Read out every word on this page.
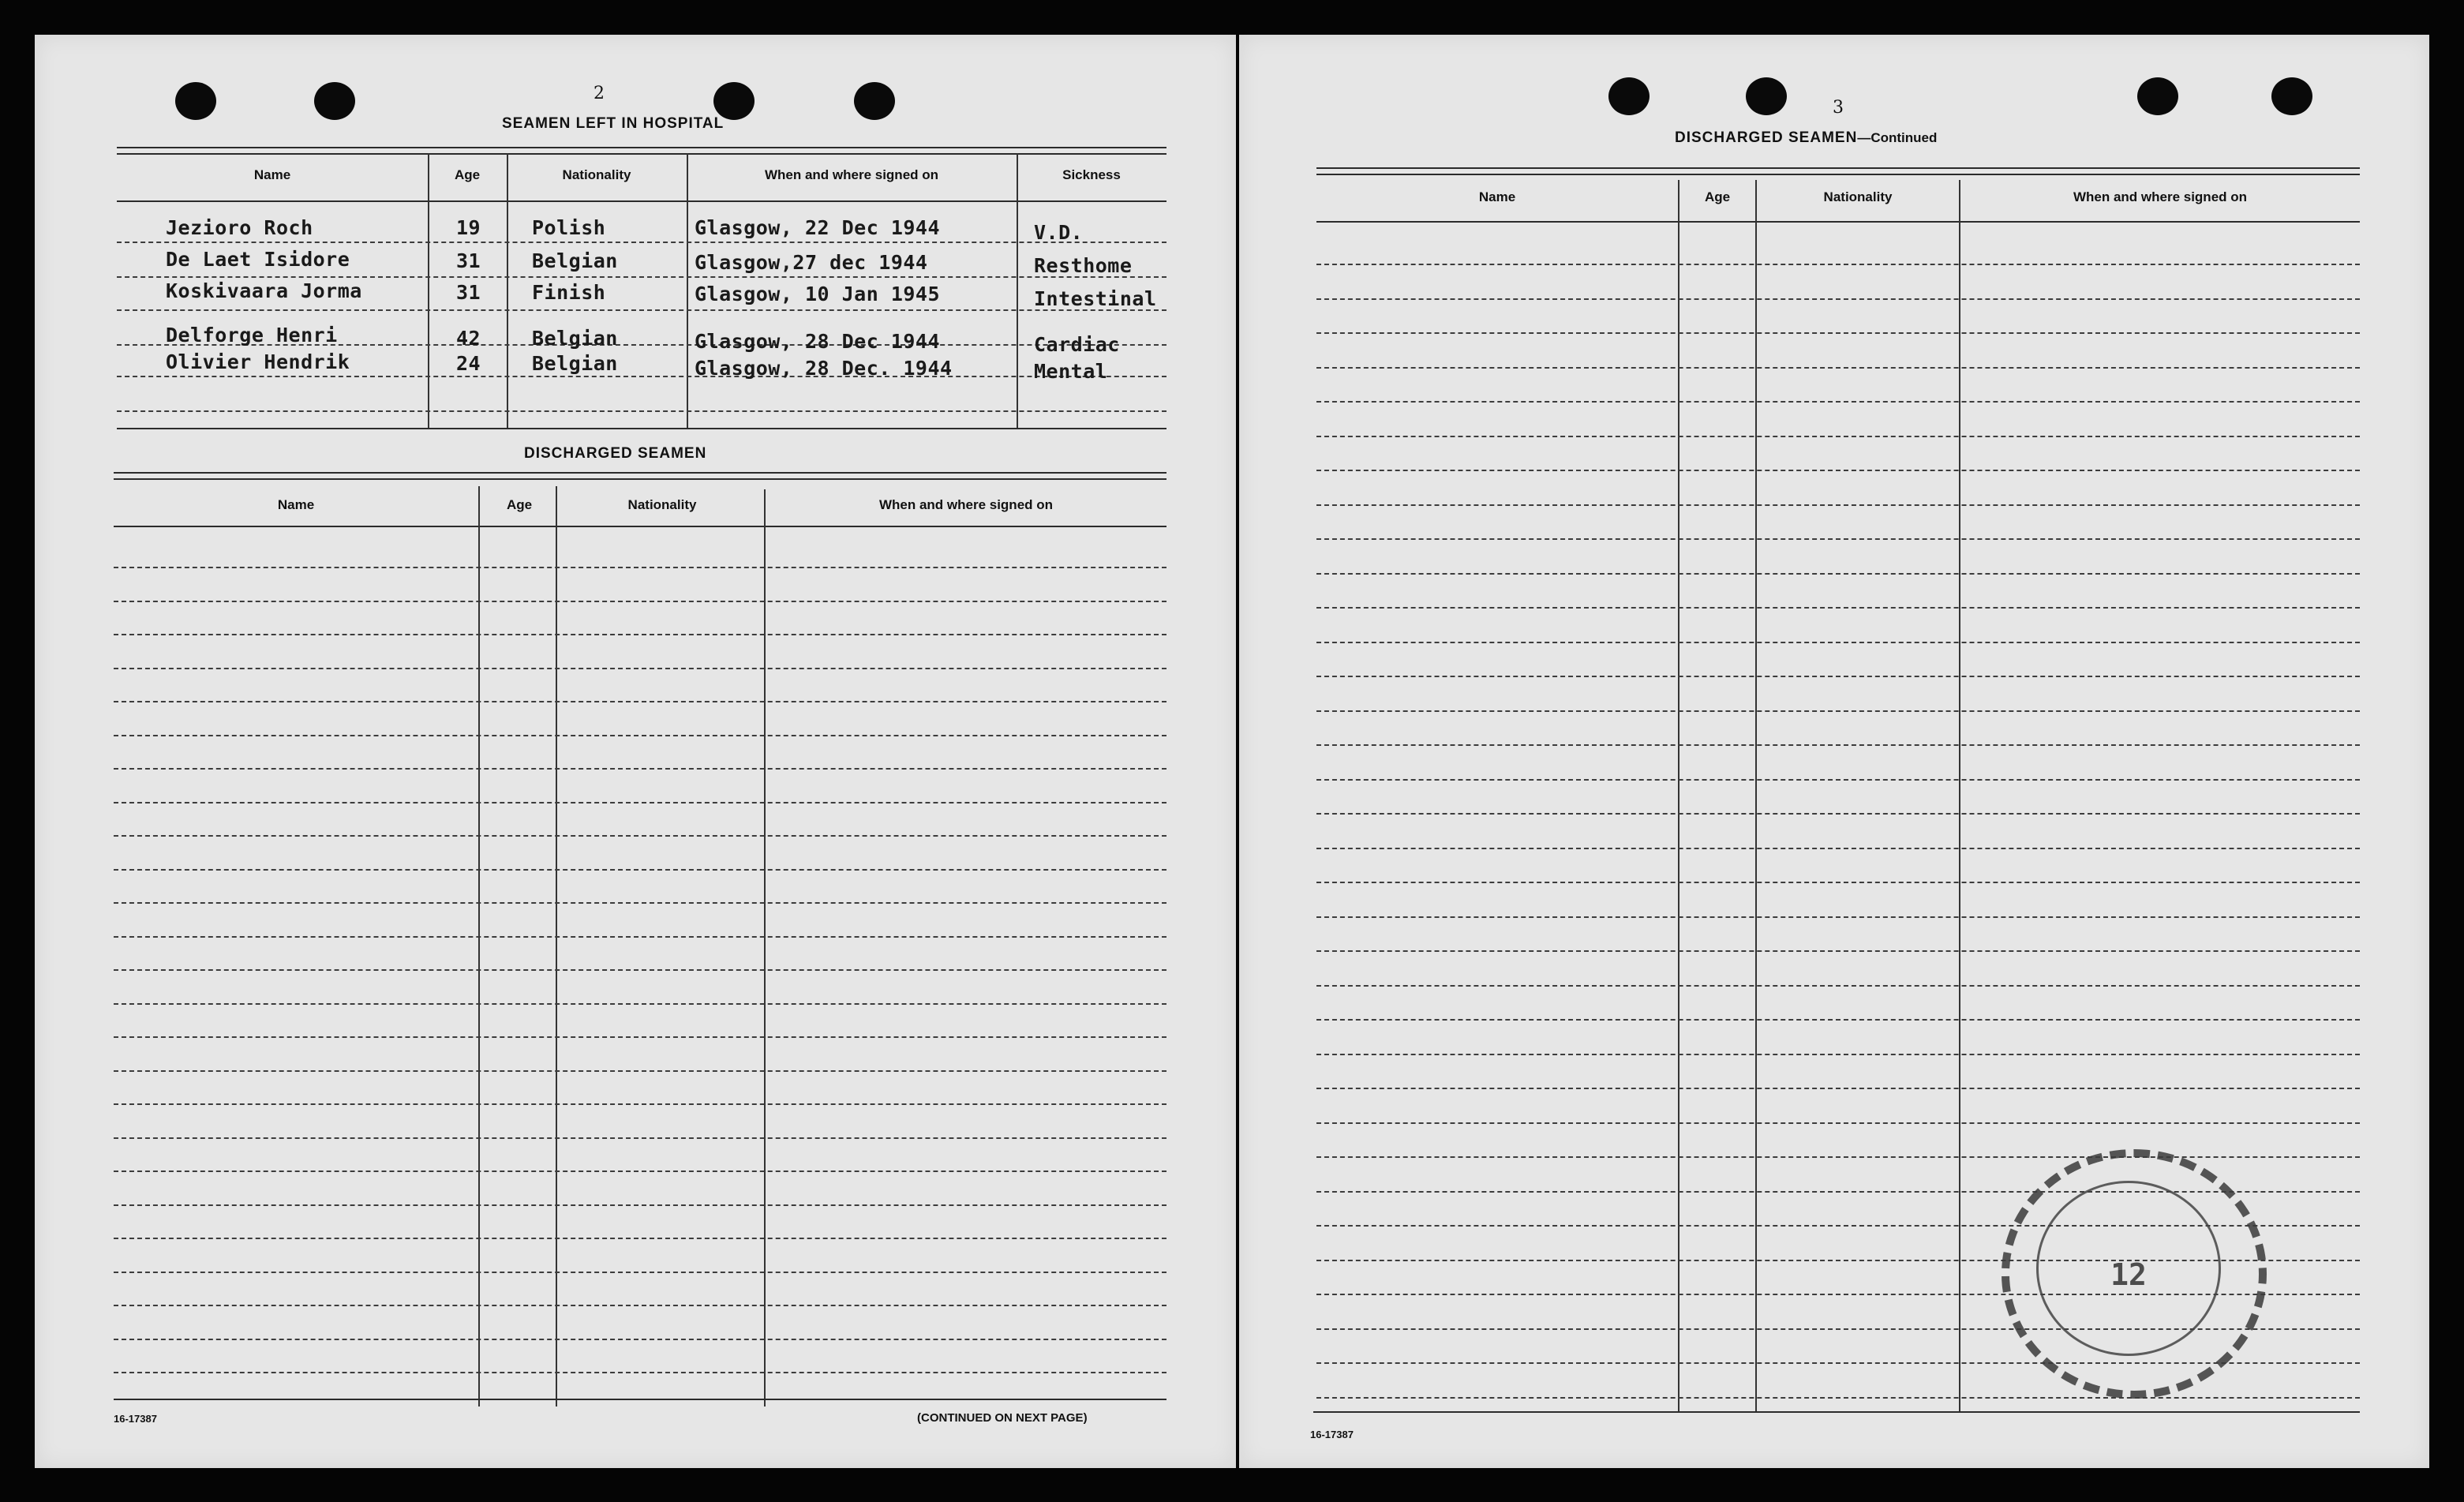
2
SEAMEN LEFT IN HOSPITAL
Name	Age	Nationality	When and where signed on	Sickness
Jezioro Roch	19	Polish	Glasgow, 22 Dec 1944	V.D.
De Laet Isidore	31	Belgian	Glasgow,27 dec 1944	Resthome
Koskivaara Jorma	31	Finish	Glasgow, 10 Jan 1945	Intestinal
Delforge Henri	42	Belgian	Glasgow, 28 Dec 1944	Cardiac
Olivier Hendrik	24	Belgian	Glasgow, 28 Dec. 1944	Mental
DISCHARGED SEAMEN
Name	Age	Nationality	When and where signed on
16-17387	(CONTINUED ON NEXT PAGE)
3
DISCHARGED SEAMEN—Continued
Name	Age	Nationality	When and where signed on
16-17387
12
